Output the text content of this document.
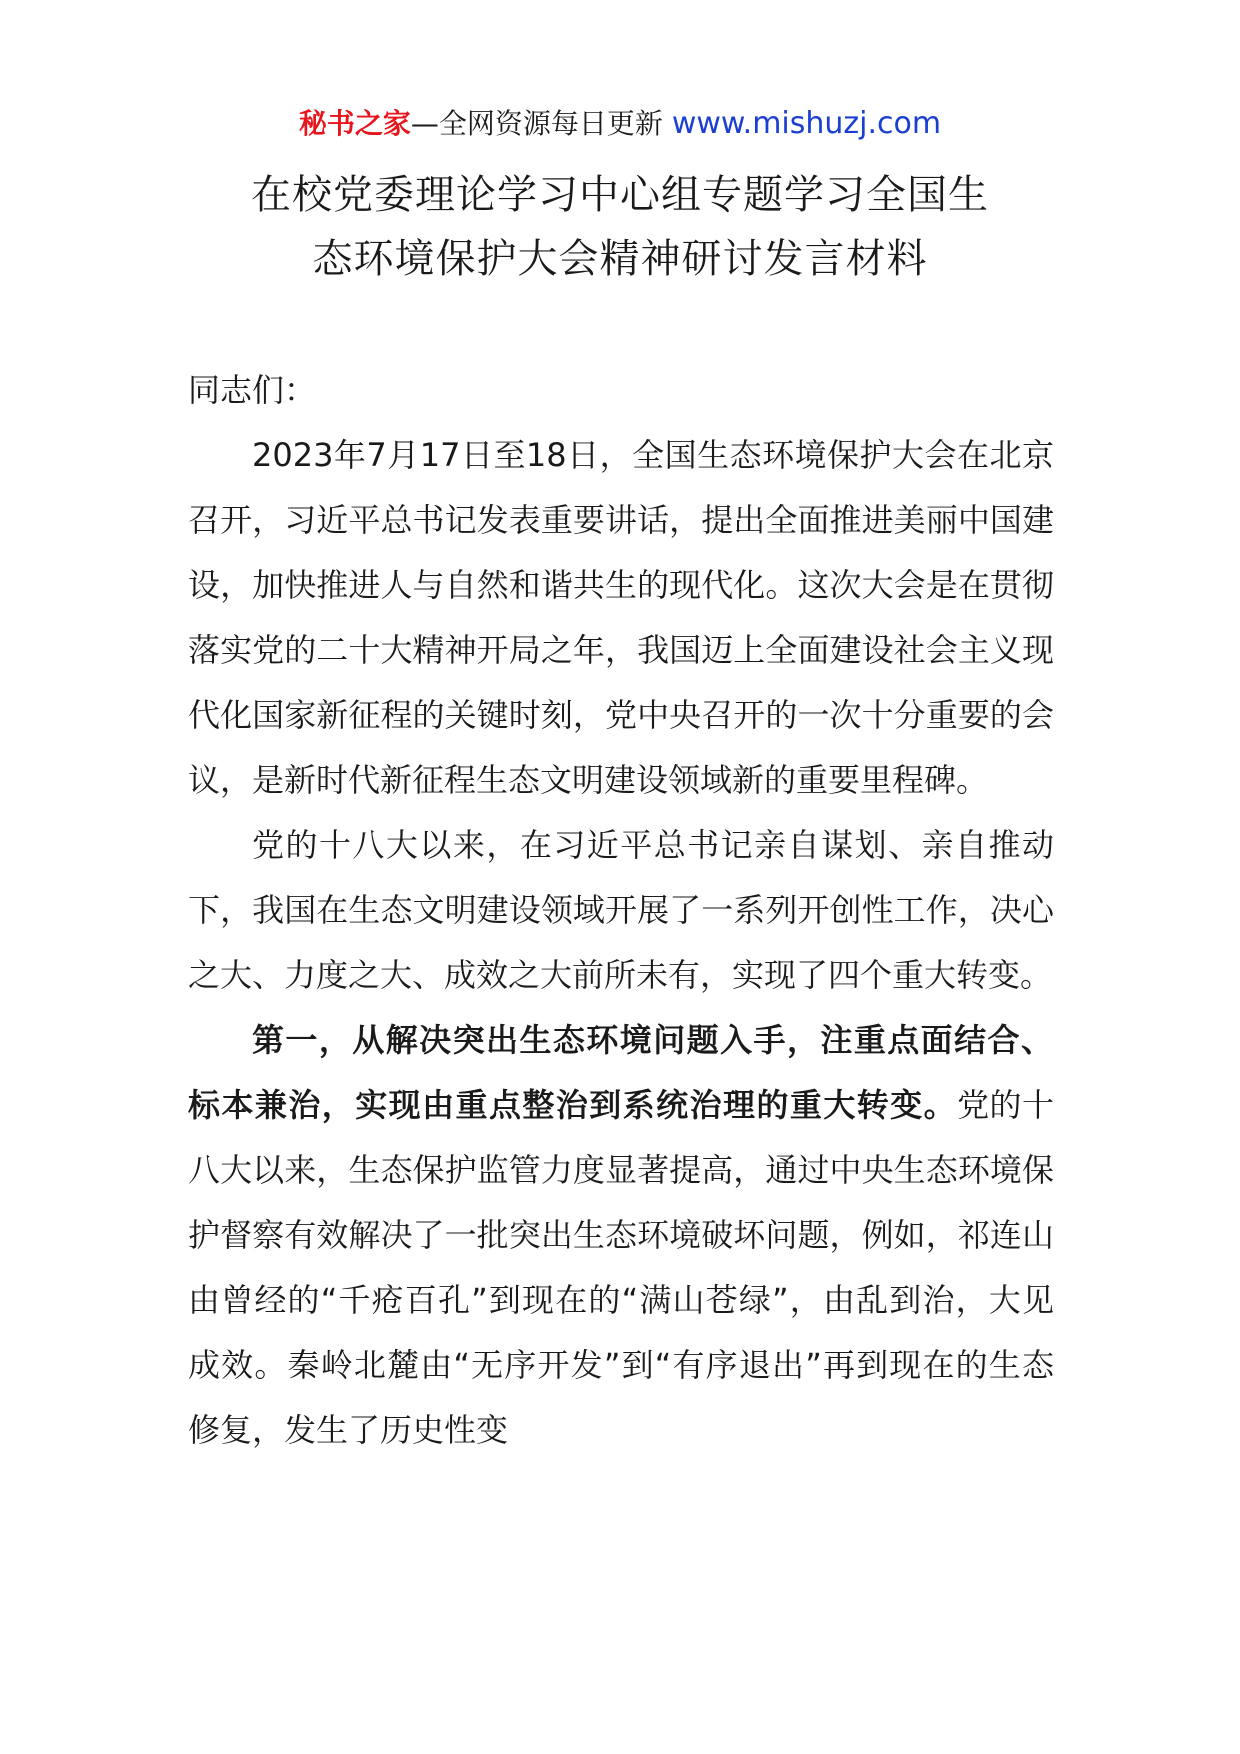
秘书之家—全网资源每日更新 www.mishuzj.com
在校党委理论学习中心组专题学习全国生
态环境保护大会精神研讨发言材料

同志们：

2023年7月17日至18日，全国生态环境保护大会在北京召开，习近平总书记发表重要讲话，提出全面推进美丽中国建设，加快推进人与自然和谐共生的现代化。这次大会是在贯彻落实党的二十大精神开局之年，我国迈上全面建设社会主义现代化国家新征程的关键时刻，党中央召开的一次十分重要的会议，是新时代新征程生态文明建设领域新的重要里程碑。

党的十八大以来，在习近平总书记亲自谋划、亲自推动下，我国在生态文明建设领域开展了一系列开创性工作，决心之大、力度之大、成效之大前所未有，实现了四个重大转变。

第一，从解决突出生态环境问题入手，注重点面结合、标本兼治，实现由重点整治到系统治理的重大转变。党的十八大以来，生态保护监管力度显著提高，通过中央生态环境保护督察有效解决了一批突出生态环境破坏问题，例如，祁连山由曾经的“千疮百孔”到现在的“满山苍绿”，由乱到治，大见成效。秦岭北麓由“无序开发”到“有序退出”再到现在的生态修复，发生了历史性变
